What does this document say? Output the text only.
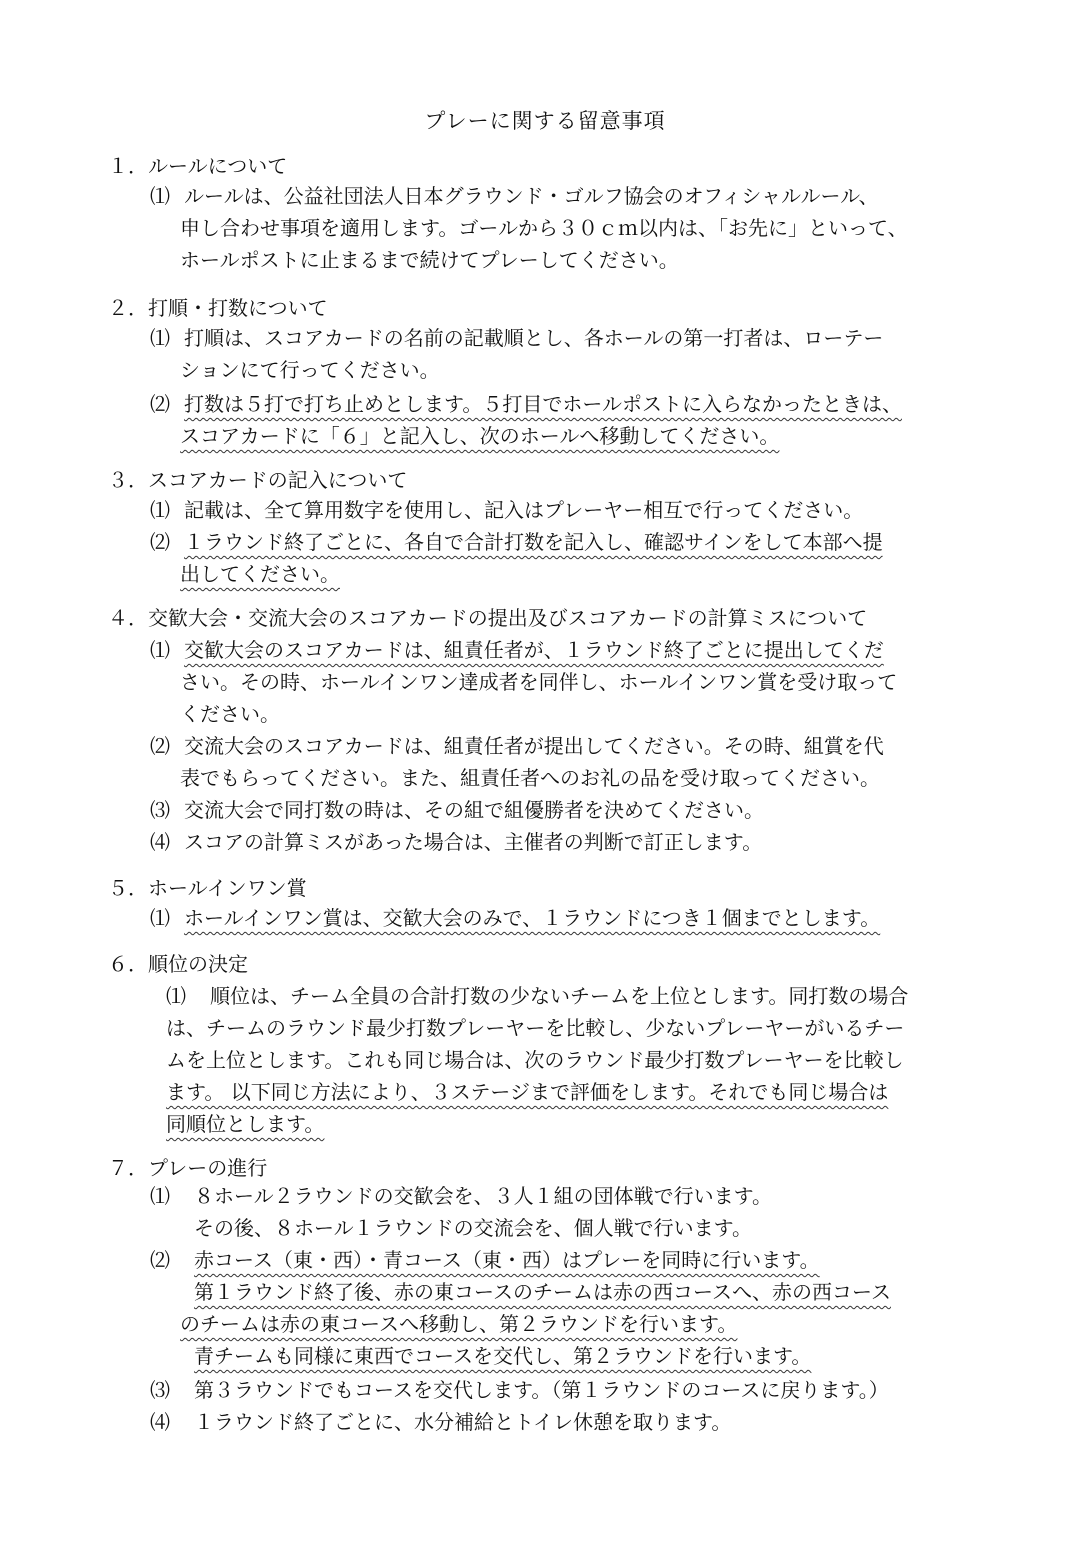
プレーに関する留意事項
１．ルールについて
⑴ ルールは、公益社団法人日本グラウンド・ゴルフ協会のオフィシャルルール、
申し合わせ事項を適用します。ゴールから３０ｃｍ以内は、「お先に」といって、
ホールポストに止まるまで続けてプレーしてください。
２．打順・打数について
⑴ 打順は、スコアカードの名前の記載順とし、各ホールの第一打者は、ローテー
ションにて行ってください。
⑵ 打数は５打で打ち止めとします。５打目でホールポストに入らなかったときは、
スコアカードに「６」と記入し、次のホールへ移動してください。
３．スコアカードの記入について
⑴ 記載は、全て算用数字を使用し、記入はプレーヤー相互で行ってください。
⑵ １ラウンド終了ごとに、各自で合計打数を記入し、確認サインをして本部へ提
出してください。
４．交歓大会・交流大会のスコアカードの提出及びスコアカードの計算ミスについて
⑴ 交歓大会のスコアカードは、組責任者が、１ラウンド終了ごとに提出してくだ
さい。その時、ホールインワン達成者を同伴し、ホールインワン賞を受け取って
ください。
⑵ 交流大会のスコアカードは、組責任者が提出してください。その時、組賞を代
表でもらってください。また、組責任者へのお礼の品を受け取ってください。
⑶ 交流大会で同打数の時は、その組で組優勝者を決めてください。
⑷ スコアの計算ミスがあった場合は、主催者の判断で訂正します。
５．ホールインワン賞
⑴ ホールインワン賞は、交歓大会のみで、１ラウンドにつき１個までとします。
６．順位の決定
⑴ 順位は、チーム全員の合計打数の少ないチームを上位とします。同打数の場合
は、チームのラウンド最少打数プレーヤーを比較し、少ないプレーヤーがいるチー
ムを上位とします。これも同じ場合は、次のラウンド最少打数プレーヤーを比較し
ます。 以下同じ方法により、３ステージまで評価をします。それでも同じ場合は
同順位とします。
７．プレーの進行
⑴ ８ホール２ラウンドの交歓会を、３人１組の団体戦で行います。
その後、８ホール１ラウンドの交流会を、個人戦で行います。
⑵ 赤コース（東・西）・青コース（東・西）はプレーを同時に行います。
第１ラウンド終了後、赤の東コースのチームは赤の西コースへ、赤の西コース
のチームは赤の東コースへ移動し、第２ラウンドを行います。
青チームも同様に東西でコースを交代し、第２ラウンドを行います。
⑶ 第３ラウンドでもコースを交代します。（第１ラウンドのコースに戻ります。）
⑷ １ラウンド終了ごとに、水分補給とトイレ休憩を取ります。
